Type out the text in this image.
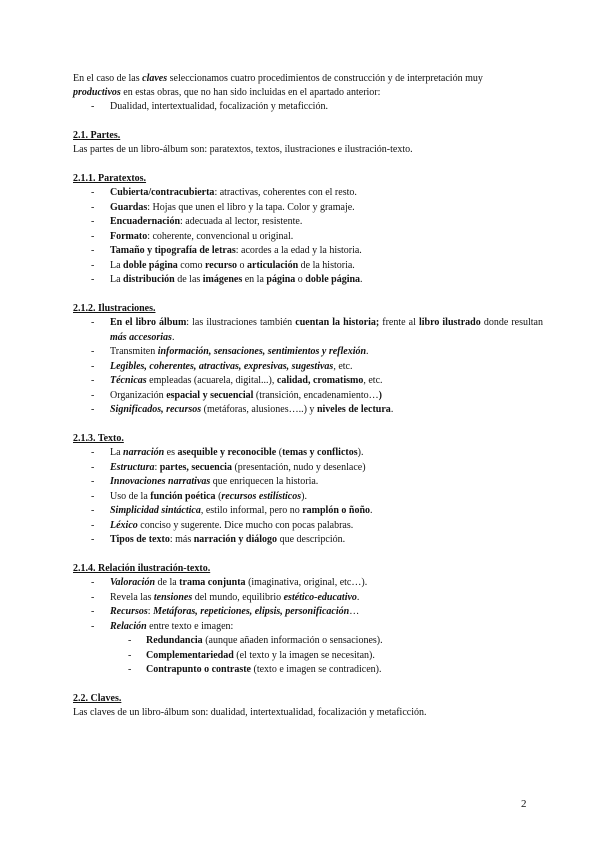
En el caso de las claves seleccionamos cuatro procedimientos de construcción y de interpretación muy
productivos en estas obras, que no han sido incluidas en el apartado anterior:

- Dualidad, intertextualidad, focalización y metaficción.

2.1. Partes.

Las partes de un libro-álbum son: paratextos, textos, ilustraciones e ilustración-texto.

2.1.1. Paratextos.

- Cubierta/contracubierta: atractivas, coherentes con el resto.
- Guardas: Hojas que unen el libro y la tapa. Color y gramaje.
- Encuadernación: adecuada al lector, resistente.
- Formato: coherente, convencional u original.
- Tamaño y tipografía de letras: acordes a la edad y la historia.
- La doble página como recurso o articulación de la historia.
- La distribución de las imágenes en la página o doble página.

2.1.2. Ilustraciones.

- En el libro álbum: las ilustraciones también cuentan la historia; frente al libro ilustrado donde resultan más accesorias.
- Transmiten información, sensaciones, sentimientos y reflexión.
- Legibles, coherentes, atractivas, expresivas, sugestivas, etc.
- Técnicas empleadas (acuarela, digital...), calidad, cromatismo, etc.
- Organización espacial y secuencial (transición, encadenamiento…)
- Significados, recursos (metáforas, alusiones…..) y niveles de lectura.

2.1.3. Texto.

- La narración es asequible y reconocible (temas y conflictos).
- Estructura: partes, secuencia (presentación, nudo y desenlace)
- Innovaciones narrativas que enriquecen la historia.
- Uso de la función poética (recursos estilísticos).
- Simplicidad sintáctica, estilo informal, pero no ramplón o ñoño.
- Léxico conciso y sugerente. Dice mucho con pocas palabras.
- Tipos de texto: más narración y diálogo que descripción.

2.1.4. Relación ilustración-texto.

- Valoración de la trama conjunta (imaginativa, original, etc…).
- Revela las tensiones del mundo, equilibrio estético-educativo.
- Recursos: Metáforas, repeticiones, elipsis, personificación…
- Relación entre texto e imagen:
- Redundancia (aunque añaden información o sensaciones).
- Complementariedad (el texto y la imagen se necesitan).
- Contrapunto o contraste (texto e imagen se contradicen).

2.2. Claves.

Las claves de un libro-álbum son: dualidad, intertextualidad, focalización y metaficción.

2
